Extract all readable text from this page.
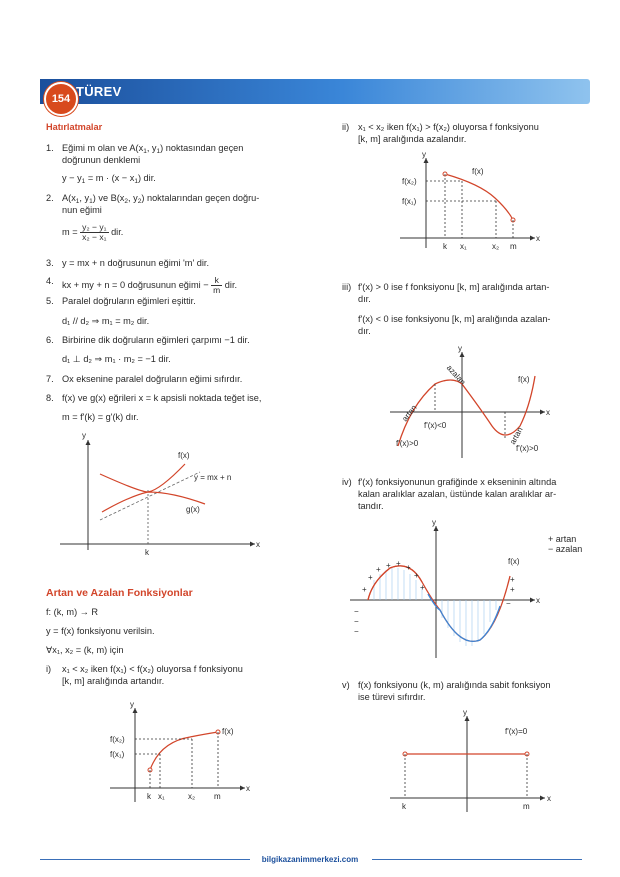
154 TÜREV
Hatırlatmalar
1. Eğimi m olan ve $A(x_1$, $y_1$) noktasından geçen
doğrunun denklemi
$y - y_1 = m \cdot (x - x_1)$ dir.
2. $A(x_1$, $y_1$) ve $B(x_2$, $y_2$) noktalarından geçen doğru-
nun eğimi
$m = \frac{\text{y₂ − y₁}}{\text{x₂ − x₁}}$ dir.
3. y = mx + n doğrusunun eğimi 'm' dir.
4. kx + my + n = 0 doğrusunun eğimi − $\frac{k}{m}$ dir.
5. Paralel doğruların eğimleri eşittir.
d₁ // d₂ ⇒ m₁ = m₂ dir.
6. Birbirine dik doğruların eğimleri çarpımı −1 dir.
d₁ ⊥ d₂ ⇒ m₁ · m₂ = −1 dir.
7. Ox eksenine paralel doğruların eğimi sıfırdır.
8. f(x) ve g(x) eğrileri x = k apsisli noktada teğet ise,
m = f'(k) = g'(k) dır.
y
x
f(x)
y = mx + n
g(x)
k
Artan ve Azalan Fonksiyonlar
f: (k, m) → R
y = f(x) fonksiyonu verilsin.
∀x₁, x₂ = (k, m) için
i) x₁ < x₂ iken f(x₁) < f(x₂) oluyorsa f fonksiyonu
[k, m] aralığında artandır.
y
x
f(x)
f(x₂)
f(x₁)
k x₁	x₂ m
ii) x₁ < x₂ iken f(x₁) > f(x₂) oluyorsa f fonksiyonu
[k, m] aralığında azalandır.
y
x
f(x)
f(x₂)
f(x₁)
k x₁	x₂ m
iii) f'(x) > 0 ise f fonksiyonu [k, m] aralığında artan-
dır.
f'(x) < 0 ise fonksiyonu [k, m] aralığında azalan-
dır.
y
x
f(x)
artan
azalan
artan
f'(x)<0
f'(x)>0
f'(x)>0
iv) f'(x) fonksiyonunun grafiğinde x ekseninin altında
kalan aralıklar azalan, üstünde kalan aralıklar ar-
tandır.
y
x
f(x)
+ artan
− azalan
+
+
+ + + +
+
+
+
+
−
−
−
−
v) f(x) fonksiyonu (k, m) aralığında sabit fonksiyon
ise türevi sıfırdır.
y
x
f'(x)=0
k	m
bilgikazanimmerkezi.com
